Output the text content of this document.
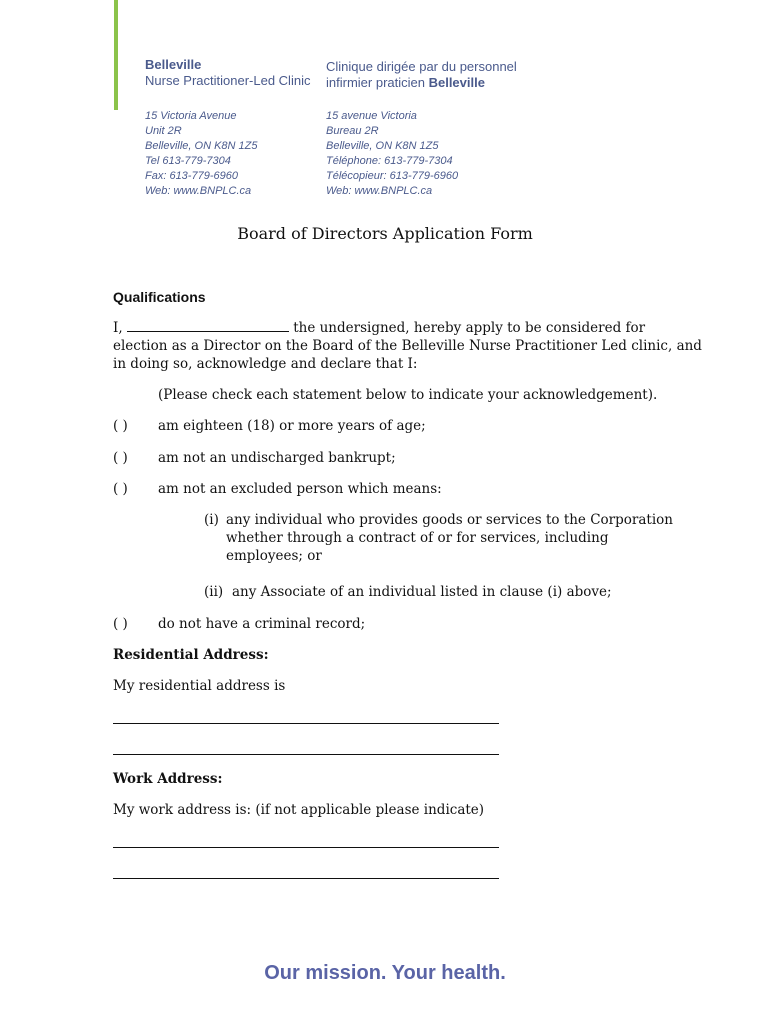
Belleville
Nurse Practitioner-Led Clinic
Clinique dirigée par du personnel
infirmier praticien Belleville
15 Victoria Avenue
Unit 2R
Belleville, ON K8N 1Z5
Tel 613-779-7304
Fax: 613-779-6960
Web: www.BNPLC.ca
15 avenue Victoria
Bureau 2R
Belleville, ON K8N 1Z5
Téléphone: 613-779-7304
Télécopieur: 613-779-6960
Web: www.BNPLC.ca
Board of Directors Application Form
Qualifications
I,	the undersigned, hereby apply to be considered for
election as a Director on the Board of the Belleville Nurse Practitioner Led clinic, and
in doing so, acknowledge and declare that I:
(Please check each statement below to indicate your acknowledgement).
( ) am eighteen (18) or more years of age;
( ) am not an undischarged bankrupt;
( ) am not an excluded person which means:
(i) any individual who provides goods or services to the Corporation
whether through a contract of or for services, including
employees; or
(ii) any Associate of an individual listed in clause (i) above;
( ) do not have a criminal record;
Residential Address:
My residential address is
Work Address:
My work address is: (if not applicable please indicate)
Our mission. Your health.
